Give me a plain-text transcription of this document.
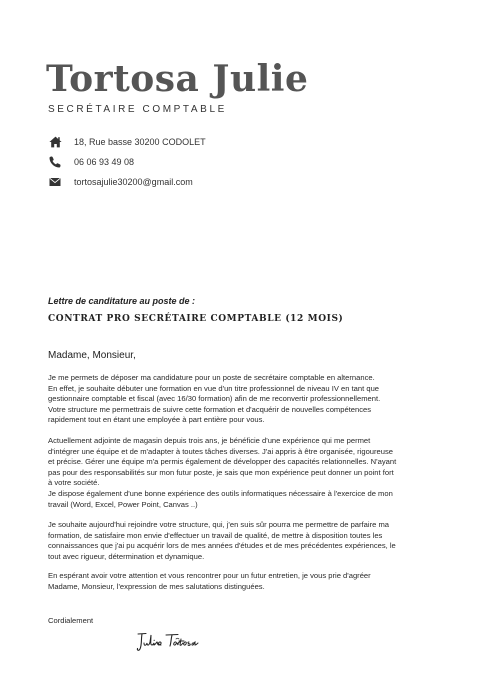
Tortosa Julie
SECRÉTAIRE COMPTABLE
18, Rue basse 30200 CODOLET
06 06 93 49 08
tortosajulie30200@gmail.com
Lettre de canditature au poste de :
CONTRAT PRO SECRÉTAIRE COMPTABLE (12 MOIS)
Madame, Monsieur,
Je me permets de déposer ma candidature pour un poste de secrétaire comptable en alternance.
En effet, je souhaite débuter une formation en vue d'un titre professionnel de niveau IV en tant que
gestionnaire comptable et fiscal (avec 16/30 formation) afin de me reconvertir professionnellement.
Votre structure me permettrais de suivre cette formation et d'acquérir de nouvelles compétences
rapidement tout en étant une employée à part entière pour vous.
Actuellement adjointe de magasin depuis trois ans, je bénéficie d'une expérience qui me permet
d'intégrer une équipe et de m'adapter à toutes tâches diverses. J'ai appris à être organisée, rigoureuse
et précise. Gérer une équipe m'a permis également de développer des capacités relationnelles. N'ayant
pas pour des responsabilités sur mon futur poste, je sais que mon expérience peut donner un point fort
à votre société.
Je dispose également d'une bonne expérience des outils informatiques nécessaire à l'exercice de mon
travail (Word, Excel, Power Point, Canvas ..)
Je souhaite aujourd'hui rejoindre votre structure, qui, j'en suis sûr pourra me permettre de parfaire ma
formation, de satisfaire mon envie d'effectuer un travail de qualité, de mettre à disposition toutes les
connaissances que j'ai pu acquérir lors de mes années d'études et de mes précédentes expériences, le
tout avec rigueur, détermination et dynamique.
En espérant avoir votre attention et vous rencontrer pour un futur entretien, je vous prie d'agréer
Madame, Monsieur, l'expression de mes salutations distinguées.
Cordialement
